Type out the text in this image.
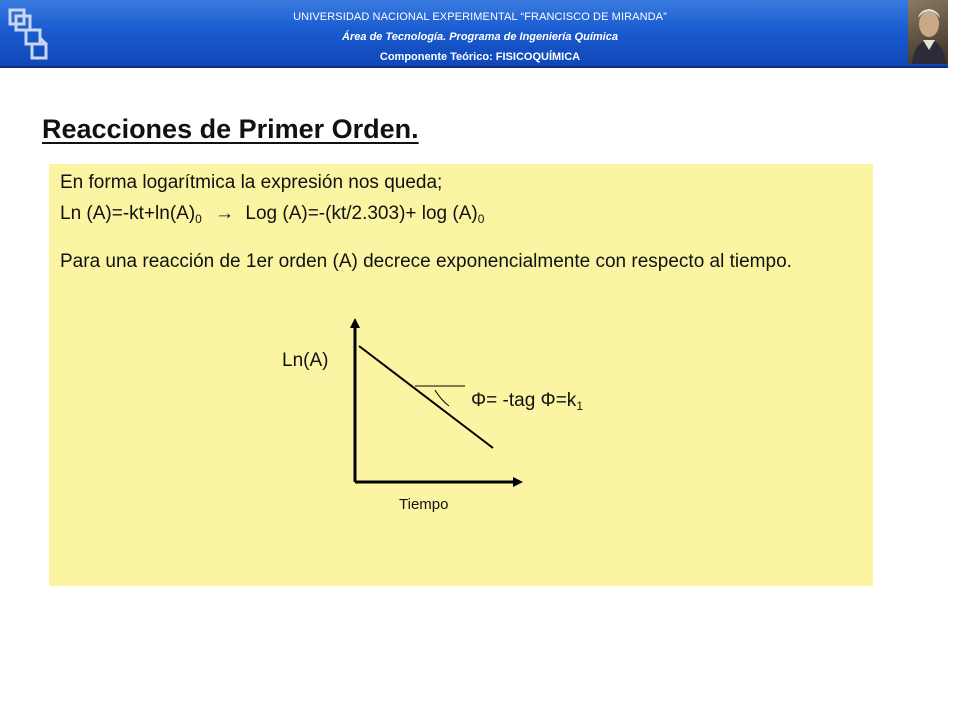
UNIVERSIDAD NACIONAL EXPERIMENTAL “FRANCISCO DE MIRANDA”
Área de Tecnología. Programa de Ingeniería Química
Componente Teórico: FISICOQUÍMICA
Reacciones de Primer Orden.
En forma logarítmica la expresión nos queda;
Ln $(A)=-kt+\ln(A)_0$ → Log $(A)=-(kt/2.303)+ \log (A)_0$
Para una reacción de 1er orden (A) decrece exponencialmente con respecto al tiempo.
Ln(A)
Φ= -tag $\Phi=k_1$
Tiempo
